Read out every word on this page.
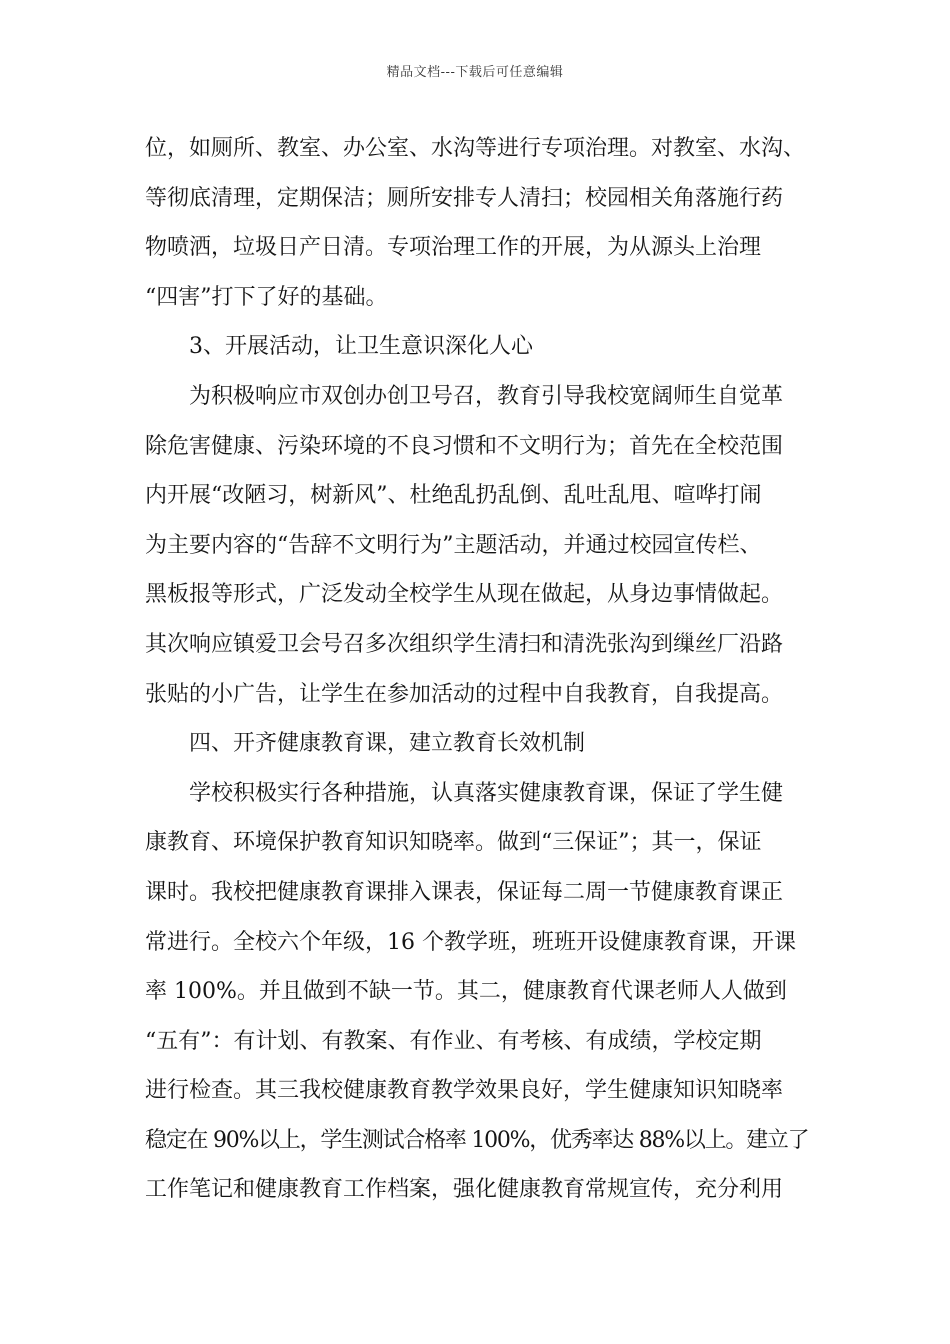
精品文档---下载后可任意编辑
位，如厕所、教室、办公室、水沟等进行专项治理。对教室、水沟、
等彻底清理，定期保洁；厕所安排专人清扫；校园相关角落施行药
物喷洒，垃圾日产日清。专项治理工作的开展，为从源头上治理
“四害”打下了好的基础。
3、开展活动，让卫生意识深化人心
为积极响应市双创办创卫号召，教育引导我校宽阔师生自觉革
除危害健康、污染环境的不良习惯和不文明行为；首先在全校范围
内开展“改陋习，树新风”、杜绝乱扔乱倒、乱吐乱甩、喧哗打闹
为主要内容的“告辞不文明行为”主题活动，并通过校园宣传栏、
黑板报等形式，广泛发动全校学生从现在做起，从身边事情做起。
其次响应镇爱卫会号召多次组织学生清扫和清洗张沟到缫丝厂沿路
张贴的小广告，让学生在参加活动的过程中自我教育，自我提高。
四、开齐健康教育课，建立教育长效机制
学校积极实行各种措施，认真落实健康教育课，保证了学生健
康教育、环境保护教育知识知晓率。做到“三保证”；其一，保证
课时。我校把健康教育课排入课表，保证每二周一节健康教育课正
常进行。全校六个年级，16 个教学班，班班开设健康教育课，开课
率 100%。并且做到不缺一节。其二，健康教育代课老师人人做到
“五有”：有计划、有教案、有作业、有考核、有成绩，学校定期
进行检查。其三我校健康教育教学效果良好，学生健康知识知晓率
稳定在 90%以上，学生测试合格率 100%，优秀率达 88%以上。建立了
工作笔记和健康教育工作档案，强化健康教育常规宣传，充分利用
